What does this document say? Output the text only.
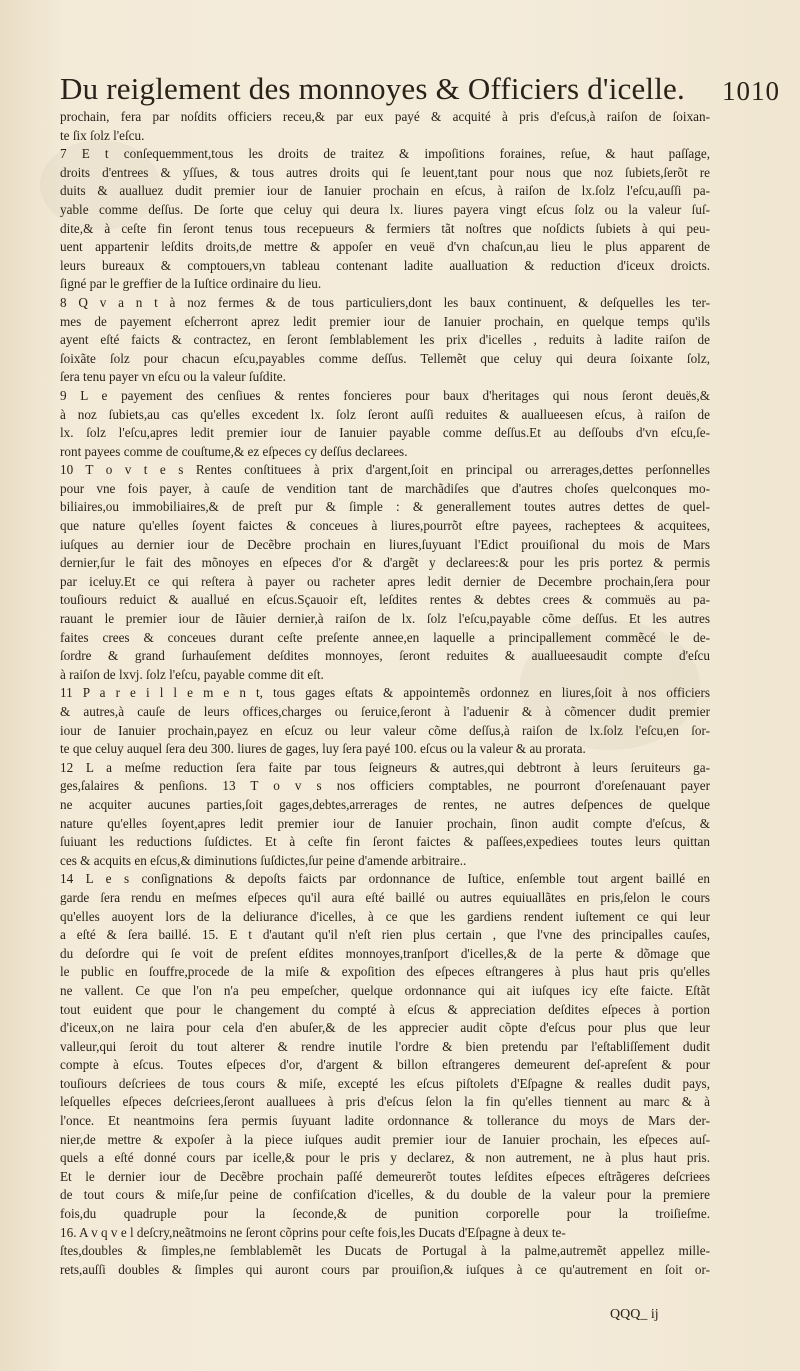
Du reiglement des monnoyes & Officiers d'icelle. 1010
prochain, fera par noſdits officiers receu,& par eux payé & acquité à pris d'eſcus,à raiſon de ſoixan-
te ſix ſolz l'eſcu.
7 E t conſequemment,tous les droits de traitez & impoſitions foraines, reſue, & haut paſſage,
droits d'entrees & yſſues, & tous autres droits qui ſe leuent,tant pour nous que noz ſubiets,ſerõt re
duits & aualluez dudit premier iour de Ianuier prochain en eſcus, à raiſon de lx.ſolz l'eſcu,auſſi pa-
yable comme deſſus. De ſorte que celuy qui deura lx. liures payera vingt eſcus ſolz ou la valeur ſuſ-
dite,& à ceſte fin ſeront tenus tous recepueurs & fermiers tãt noſtres que noſdicts ſubiets à qui peu-
uent appartenir leſdits droits,de mettre & appoſer en veuë d'vn chaſcun,au lieu le plus apparent de
leurs bureaux & comptouers,vn tableau contenant ladite aualluation & reduction d'iceux droicts.
ſigné par le greffier de la Iuſtice ordinaire du lieu.
8 Q v a n t à noz fermes & de tous particuliers,dont les baux continuent, & deſquelles les ter-
mes de payement eſcherront aprez ledit premier iour de Ianuier prochain, en quelque temps qu'ils
ayent eſté faicts & contractez, en ſeront ſemblablement les prix d'icelles , reduits à ladite raiſon de
ſoixãte ſolz pour chacun eſcu,payables comme deſſus. Tellemẽt que celuy qui deura ſoixante ſolz,
ſera tenu payer vn eſcu ou la valeur ſuſdite.
9 L e payement des cenſiues & rentes foncieres pour baux d'heritages qui nous ſeront deuës,&
à noz ſubiets,au cas qu'elles excedent lx. ſolz ſeront auſſi reduites & auallueesen eſcus, à raiſon de
lx. ſolz l'eſcu,apres ledit premier iour de Ianuier payable comme deſſus.Et au deſſoubs d'vn eſcu,ſe-
ront payees comme de couſtume,& ez eſpeces cy deſſus declarees.
10 T o v t e s Rentes conſtituees à prix d'argent,ſoit en principal ou arrerages,dettes perſonnelles
pour vne fois payer, à cauſe de vendition tant de marchãdiſes que d'autres choſes quelconques mo-
biliaires,ou immobiliaires,& de preſt pur & ſimple : & generallement toutes autres dettes de quel-
que nature qu'elles ſoyent faictes & conceues à liures,pourrõt eſtre payees, racheptees & acquitees,
iuſques au dernier iour de Decẽbre prochain en liures,ſuyuant l'Edict prouiſional du mois de Mars
dernier,ſur le fait des mõnoyes en eſpeces d'or & d'argẽt y declarees:& pour les pris portez & permis
par iceluy.Et ce qui reſtera à payer ou racheter apres ledit dernier de Decembre prochain,ſera pour
touſiours reduict & auallué en eſcus.Sçauoir eſt, leſdites rentes & debtes crees & commuës au pa-
rauant le premier iour de Iãuier dernier,à raiſon de lx. ſolz l'eſcu,payable cõme deſſus. Et les autres
faites crees & conceues durant ceſte preſente annee,en laquelle a principallement commẽcé le de-
ſordre & grand ſurhauſement deſdites monnoyes, ſeront reduites & auallueesaudit compte d'eſcu
à raiſon de lxvj. ſolz l'eſcu, payable comme dit eſt.
11 P a r e i l l e m e n t, tous gages eſtats & appointemẽs ordonnez en liures,ſoit à nos officiers
& autres,à cauſe de leurs offices,charges ou ſeruice,ſeront à l'aduenir & à cõmencer dudit premier
iour de Ianuier prochain,payez en eſcuz ou leur valeur cõme deſſus,à raiſon de lx.ſolz l'eſcu,en ſor-
te que celuy auquel ſera deu 300. liures de gages, luy ſera payé 100. eſcus ou la valeur & au prorata.
12 L a meſme reduction ſera faite par tous ſeigneurs & autres,qui debtront à leurs ſeruiteurs ga-
ges,ſalaires & penſions. 13 T o v s nos officiers comptables, ne pourront d'oreſenauant payer
ne acquiter aucunes parties,ſoit gages,debtes,arrerages de rentes, ne autres deſpences de quelque
nature qu'elles ſoyent,apres ledit premier iour de Ianuier prochain, ſinon audit compte d'eſcus, &
ſuiuant les reductions ſuſdictes. Et à ceſte fin ſeront faictes & paſſees,expediees toutes leurs quittan
ces & acquits en eſcus,& diminutions ſuſdictes,ſur peine d'amende arbitraire..
14 L e s conſignations & depoſts faicts par ordonnance de Iuſtice, enſemble tout argent baillé en
garde ſera rendu en meſmes eſpeces qu'il aura eſté baillé ou autres equiuallãtes en pris,ſelon le cours
qu'elles auoyent lors de la deliurance d'icelles, à ce que les gardiens rendent iuſtement ce qui leur
a eſté & ſera baillé. 15. E t d'autant qu'il n'eſt rien plus certain , que l'vne des principalles cauſes,
du deſordre qui ſe voit de preſent eſdites monnoyes,tranſport d'icelles,& de la perte & dõmage que
le public en ſouffre,procede de la miſe & expoſition des eſpeces eſtrangeres à plus haut pris qu'elles
ne vallent. Ce que l'on n'a peu empeſcher, quelque ordonnance qui ait iuſques icy eſte faicte. Eſtãt
tout euident que pour le changement du compté à eſcus & appreciation deſdites eſpeces à portion
d'iceux,on ne laira pour cela d'en abuſer,& de les apprecier audit cõpte d'eſcus pour plus que leur
valleur,qui ſeroit du tout alterer & rendre inutile l'ordre & bien pretendu par l'eſtabliſſement dudit
compte à eſcus. Toutes eſpeces d'or, d'argent & billon eſtrangeres demeurent deſ-apreſent & pour
touſiours deſcriees de tous cours & miſe, excepté les eſcus piſtolets d'Eſpagne & realles dudit pays,
leſquelles eſpeces deſcriees,ſeront aualluees à pris d'eſcus ſelon la fin qu'elles tiennent au marc & à
l'once. Et neantmoins ſera permis ſuyuant ladite ordonnance & tollerance du moys de Mars der-
nier,de mettre & expoſer à la piece iuſques audit premier iour de Ianuier prochain, les eſpeces auſ-
quels a eſté donné cours par icelle,& pour le pris y declarez, & non autrement, ne à plus haut pris.
Et le dernier iour de Decẽbre prochain paſſé demeurerõt toutes leſdites eſpeces eſtrãgeres deſcriees
de tout cours & miſe,ſur peine de confiſcation d'icelles, & du double de la valeur pour la premiere
fois,du quadruple pour la ſeconde,& de punition corporelle pour la troiſieſme.
16. A v q v e l deſcry,neãtmoins ne ſeront cõprins pour ceſte fois,les Ducats d'Eſpagne à deux te-
ſtes,doubles & ſimples,ne ſemblablemẽt les Ducats de Portugal à la palme,autremẽt appellez mille-
rets,auſſi doubles & ſimples qui auront cours par prouiſion,& iuſques à ce qu'autrement en ſoit or-
QQQ_ ij
